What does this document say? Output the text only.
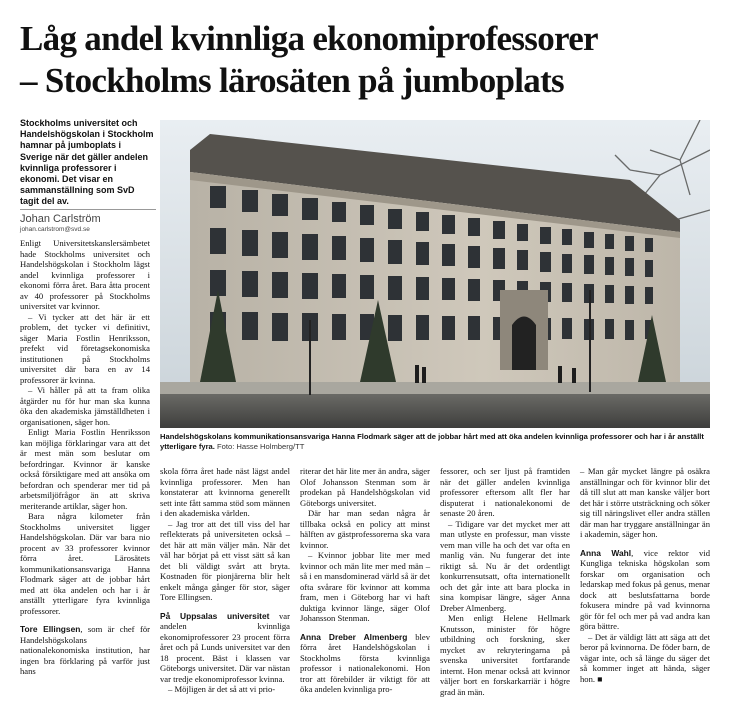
Låg andel kvinnliga ekonomiprofessorer
– Stockholms lärosäten på jumboplats

Stockholms universitet och Handelshögskolan i Stockholm hamnar på jumboplats i Sverige när det gäller andelen kvinnliga professorer i ekonomi. Det visar en sammanställning som SvD tagit del av.

Johan Carlström
johan.carlstrom@svd.se

Handelshögskolans kommunikationsansvariga Hanna Flodmark säger att de jobbar hårt med att öka andelen kvinnliga professorer och har i år anställt ytterligare fyra. Foto: Hasse Holmberg/TT

Enligt Universitetskanslersämbetet hade Stockholms universitet och Handelshögskolan i Stockholm lägst andel kvinnliga professorer i ekonomi förra året. Bara åtta procent av 40 professorer på Stockholms universitet var kvinnor.

– Vi tycker att det här är ett problem, det tycker vi definitivt, säger Maria Fostlin Henriksson, prefekt vid företagsekonomiska institutionen på Stockholms universitet där bara en av 14 professorer är kvinna.

– Vi håller på att ta fram olika åtgärder nu för hur man ska kunna öka den akademiska jämställdheten i organisationen, säger hon.

Enligt Maria Fostlin Henriksson kan möjliga förklaringar vara att det är mest män som beslutar om befordringar. Kvinnor är kanske också försiktigare med att ansöka om befordran och spenderar mer tid på arbetsmiljöfrågor än att skriva meriterande artiklar, säger hon.

Bara några kilometer från Stockholms universitet ligger Handelshögskolan. Där var bara nio procent av 33 professorer kvinnor förra året. Lärosätets kommunikationsansvariga Hanna Flodmark säger att de jobbar hårt med att öka andelen och har i år anställt ytterligare fyra kvinnliga professorer.

Tore Ellingsen, som är chef för Handelshögskolans nationalekonomiska institution, har ingen bra förklaring på varför just hans

skola förra året hade näst lägst andel kvinnliga professorer. Men han konstaterar att kvinnorna generellt sett inte fått samma stöd som männen i den akademiska världen.

– Jag tror att det till viss del har reflekterats på universiteten också – det här att män väljer män. När det väl har börjat på ett visst sätt så kan det bli väldigt svårt att bryta. Kostnaden för pionjärerna blir helt enkelt många gånger för stor, säger Tore Ellingsen.

På Uppsalas universitet var andelen kvinnliga ekonomiprofessorer 23 procent förra året och på Lunds universitet var den 18 procent. Bäst i klassen var Göteborgs universitet. Där var nästan var tredje ekonomiprofessor kvinna.

– Möjligen är det så att vi prio-

riterar det här lite mer än andra, säger Olof Johansson Stenman som är prodekan på Handelshögskolan vid Göteborgs universitet.

Där har man sedan några år tillbaka också en policy att minst hälften av gästprofessorerna ska vara kvinnor.

– Kvinnor jobbar lite mer med kvinnor och män lite mer med män – så i en mansdominerad värld så är det ofta svårare för kvinnor att komma fram, men i Göteborg har vi haft duktiga kvinnor länge, säger Olof Johansson Stenman.

Anna Dreber Almenberg blev förra året Handelshögskolan i Stockholms första kvinnliga professor i nationalekonomi. Hon tror att förebilder är viktigt för att öka andelen kvinnliga pro-

fessorer, och ser ljust på framtiden när det gäller andelen kvinnliga professorer eftersom allt fler har disputerat i nationalekonomi de senaste 20 åren.

– Tidigare var det mycket mer att man utlyste en professur, man visste vem man ville ha och det var ofta en manlig vän. Nu fungerar det inte riktigt så. Nu är det ordentligt konkurrensutsatt, ofta internationellt och det går inte att bara plocka in sina kompisar längre, säger Anna Dreber Almenberg.

Men enligt Helene Hellmark Knutsson, minister för högre utbildning och forskning, sker mycket av rekryteringarna på svenska universitet fortfarande internt. Hon menar också att kvinnor väljer bort en forskarkarriär i högre grad än män.

– Man går mycket längre på osäkra anställningar och för kvinnor blir det då till slut att man kanske väljer bort det här i större utsträckning och söker sig till näringslivet eller andra ställen där man har tryggare anställningar än i akademin, säger hon.

Anna Wahl, vice rektor vid Kungliga tekniska högskolan som forskar om organisation och ledarskap med fokus på genus, menar dock att beslutsfattarna borde fokusera mindre på vad kvinnorna gör för fel och mer på vad andra kan göra bättre.

– Det är väldigt lätt att säga att det beror på kvinnorna. De föder barn, de vägar inte, och så länge du säger det så kommer inget att hända, säger hon. ■
